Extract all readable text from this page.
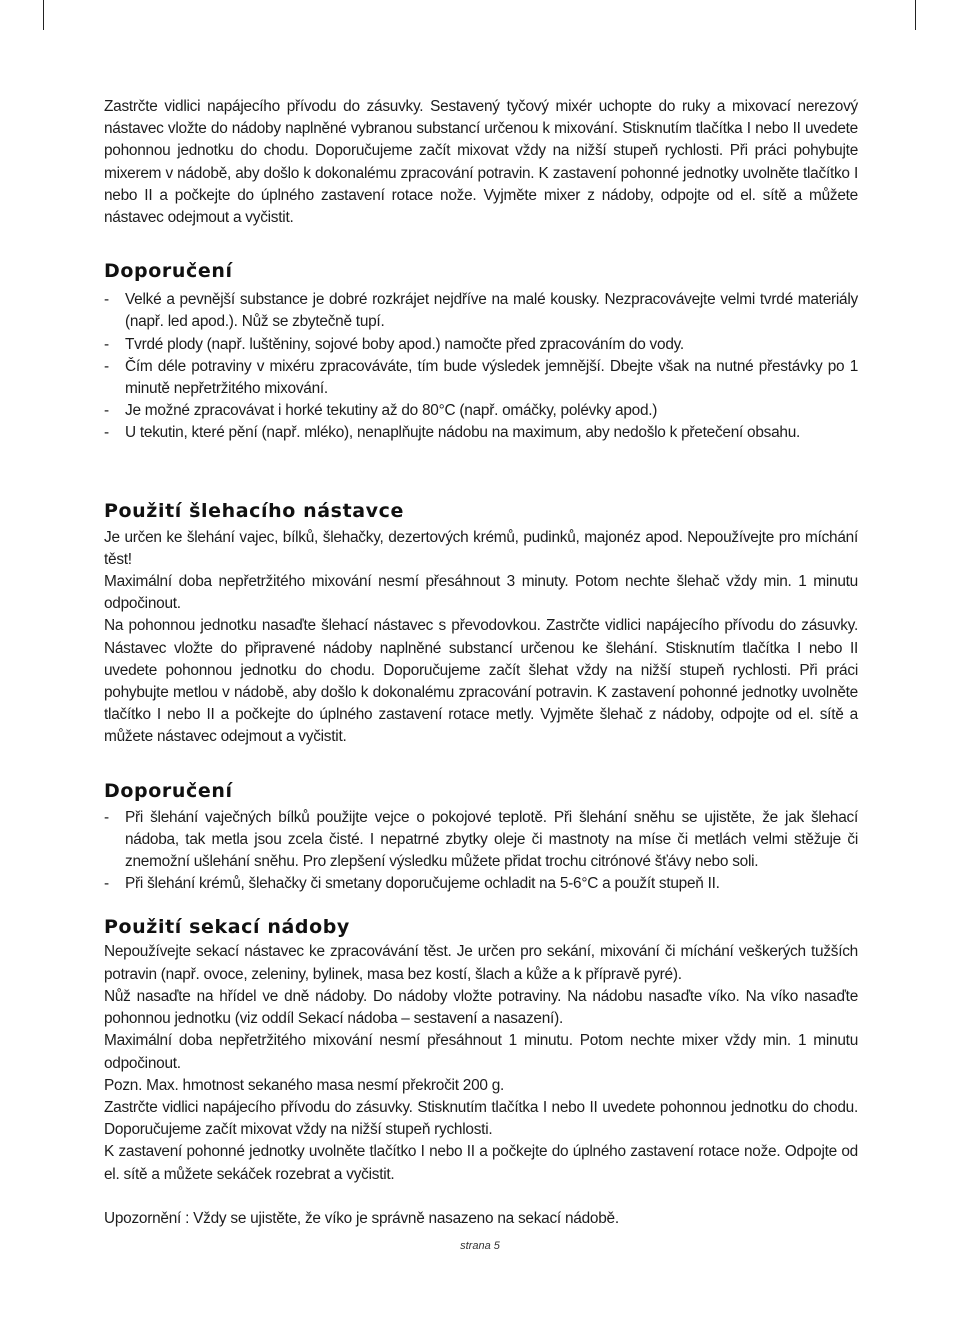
Zastrčte vidlici napájecího přívodu do zásuvky. Sestavený tyčový mixér uchopte do ruky a mixovací nerezový nástavec vložte do nádoby naplněné vybranou substancí určenou k mixování. Stisknutím tlačítka I nebo II uvedete pohonnou jednotku do chodu. Doporučujeme začít mixovat vždy na nižší stupeň rychlosti. Při práci pohybujte mixerem v nádobě, aby došlo k dokonalému zpracování potravin. K zastavení pohonné jednotky uvolněte tlačítko I nebo II a počkejte do úplného zastavení rotace nože. Vyjměte mixer z nádoby, odpojte od el. sítě a můžete nástavec odejmout a vyčistit.

Doporučení
- Velké a pevnější substance je dobré rozkrájet nejdříve na malé kousky. Nezpracovávejte velmi tvrdé materiály (např. led apod.). Nůž se zbytečně tupí.
- Tvrdé plody (např. luštěniny, sojové boby apod.) namočte před zpracováním do vody.
- Čím déle potraviny v mixéru zpracováváte, tím bude výsledek jemnější. Dbejte však na nutné přestávky po 1 minutě nepřetržitého mixování.
- Je možné zpracovávat i horké tekutiny až do 80°C (např. omáčky, polévky apod.)
- U tekutin, které pění (např. mléko), nenaplňujte nádobu na maximum, aby nedošlo k přetečení obsahu.
Použití šlehacího nástavce

Je určen ke šlehání vajec, bílků, šlehačky, dezertových krémů, pudinků, majonéz apod. Nepoužívejte pro míchání těst!

Maximální doba nepřetržitého mixování nesmí přesáhnout 3 minuty. Potom nechte šlehač vždy min. 1 minutu odpočinout.

Na pohonnou jednotku nasaďte šlehací nástavec s převodovkou. Zastrčte vidlici napájecího přívodu do zásuvky. Nástavec vložte do připravené nádoby naplněné substancí určenou ke šlehání. Stisknutím tlačítka I nebo II uvedete pohonnou jednotku do chodu. Doporučujeme začít šlehat vždy na nižší stupeň rychlosti. Při práci pohybujte metlou v nádobě, aby došlo k dokonalému zpracování potravin. K zastavení pohonné jednotky uvolněte tlačítko I nebo II a počkejte do úplného zastavení rotace metly. Vyjměte šlehač z nádoby, odpojte od el. sítě a můžete nástavec odejmout a vyčistit.

Doporučení
- Při šlehání vaječných bílků použijte vejce o pokojové teplotě. Při šlehání sněhu se ujistěte, že jak šlehací nádoba, tak metla jsou zcela čisté. I nepatrné zbytky oleje či mastnoty na míse či metlách velmi stěžuje či znemožní ušlehání sněhu. Pro zlepšení výsledku můžete přidat trochu citrónové šťávy nebo soli.
- Při šlehání krémů, šlehačky či smetany doporučujeme ochladit na 5-6°C a použít stupeň II.
Použití sekací nádoby

Nepoužívejte sekací nástavec ke zpracovávání těst. Je určen pro sekání, mixování či míchání veškerých tužších potravin (např. ovoce, zeleniny, bylinek, masa bez kostí, šlach a kůže a k přípravě pyré).

Nůž nasaďte na hřídel ve dně nádoby. Do nádoby vložte potraviny. Na nádobu nasaďte víko. Na víko nasaďte pohonnou jednotku (viz oddíl Sekací nádoba – sestavení a nasazení).

Maximální doba nepřetržitého mixování nesmí přesáhnout 1 minutu. Potom nechte mixer vždy min. 1 minutu odpočinout.

Pozn. Max. hmotnost sekaného masa nesmí překročit 200 g.

Zastrčte vidlici napájecího přívodu do zásuvky. Stisknutím tlačítka I nebo II uvedete pohonnou jednotku do chodu. Doporučujeme začít mixovat vždy na nižší stupeň rychlosti.

K zastavení pohonné jednotky uvolněte tlačítko I nebo II a počkejte do úplného zastavení rotace nože. Odpojte od el. sítě a můžete sekáček rozebrat a vyčistit.

Upozornění : Vždy se ujistěte, že víko je správně nasazeno na sekací nádobě.

strana 5
